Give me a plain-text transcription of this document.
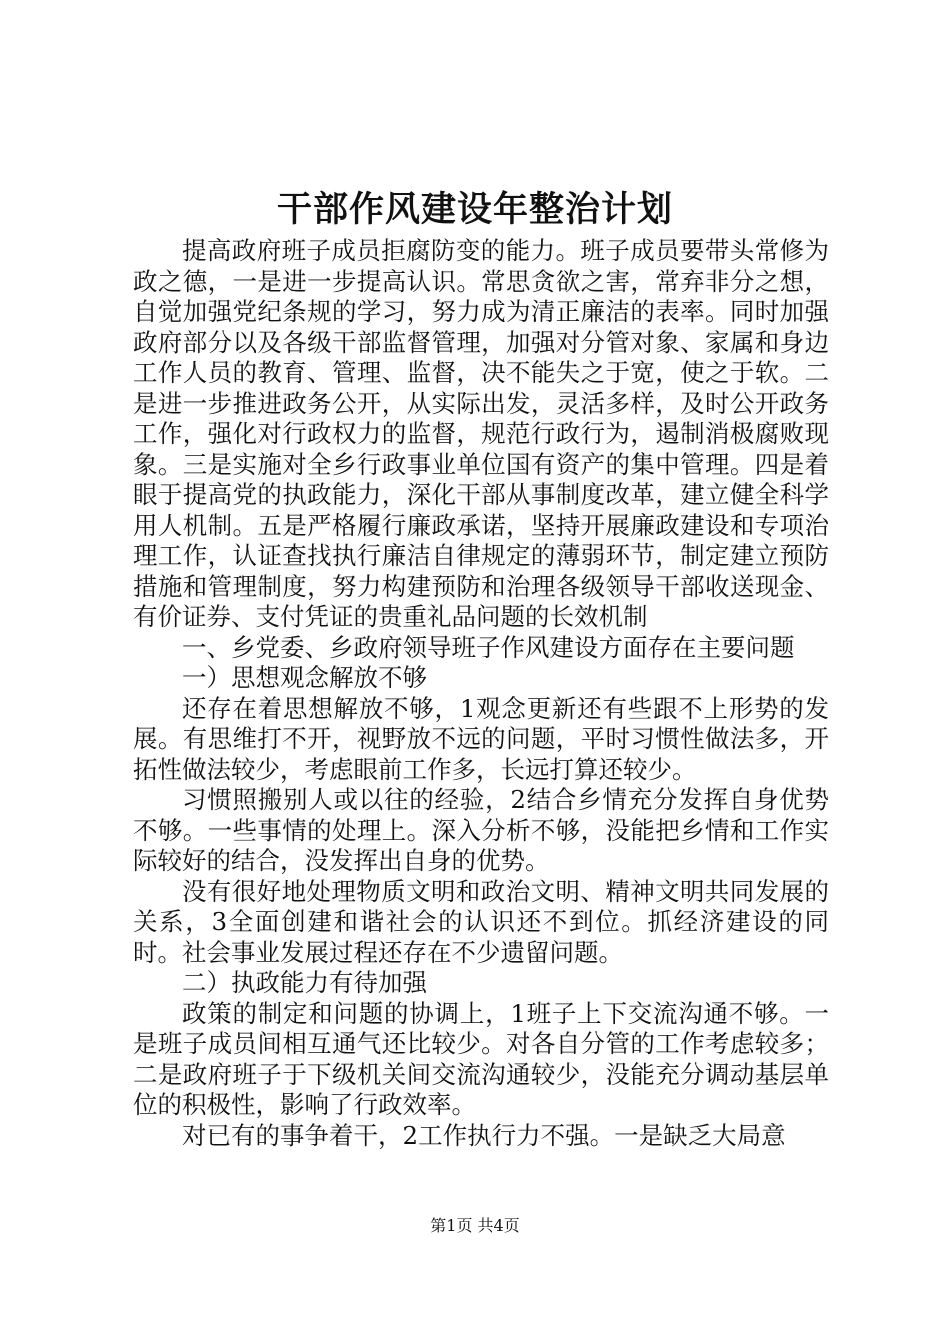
干部作风建设年整治计划

提高政府班子成员拒腐防变的能力。班子成员要带头常修为政之德，一是进一步提高认识。常思贪欲之害，常弃非分之想，自觉加强党纪条规的学习，努力成为清正廉洁的表率。同时加强政府部分以及各级干部监督管理，加强对分管对象、家属和身边工作人员的教育、管理、监督，决不能失之于宽，使之于软。二是进一步推进政务公开，从实际出发，灵活多样，及时公开政务工作，强化对行政权力的监督，规范行政行为，遏制消极腐败现象。三是实施对全乡行政事业单位国有资产的集中管理。四是着眼于提高党的执政能力，深化干部从事制度改革，建立健全科学用人机制。五是严格履行廉政承诺，坚持开展廉政建设和专项治理工作，认证查找执行廉洁自律规定的薄弱环节，制定建立预防措施和管理制度，努力构建预防和治理各级领导干部收送现金、有价证券、支付凭证的贵重礼品问题的长效机制

一、乡党委、乡政府领导班子作风建设方面存在主要问题

一）思想观念解放不够

还存在着思想解放不够，1观念更新还有些跟不上形势的发展。有思维打不开，视野放不远的问题，平时习惯性做法多，开拓性做法较少，考虑眼前工作多，长远打算还较少。

习惯照搬别人或以往的经验，2结合乡情充分发挥自身优势不够。一些事情的处理上。深入分析不够，没能把乡情和工作实际较好的结合，没发挥出自身的优势。

没有很好地处理物质文明和政治文明、精神文明共同发展的关系，3全面创建和谐社会的认识还不到位。抓经济建设的同时。社会事业发展过程还存在不少遗留问题。

二）执政能力有待加强

政策的制定和问题的协调上，1班子上下交流沟通不够。一是班子成员间相互通气还比较少。对各自分管的工作考虑较多；二是政府班子于下级机关间交流沟通较少，没能充分调动基层单位的积极性，影响了行政效率。

对已有的事争着干，2工作执行力不强。一是缺乏大局意

第1页 共4页
